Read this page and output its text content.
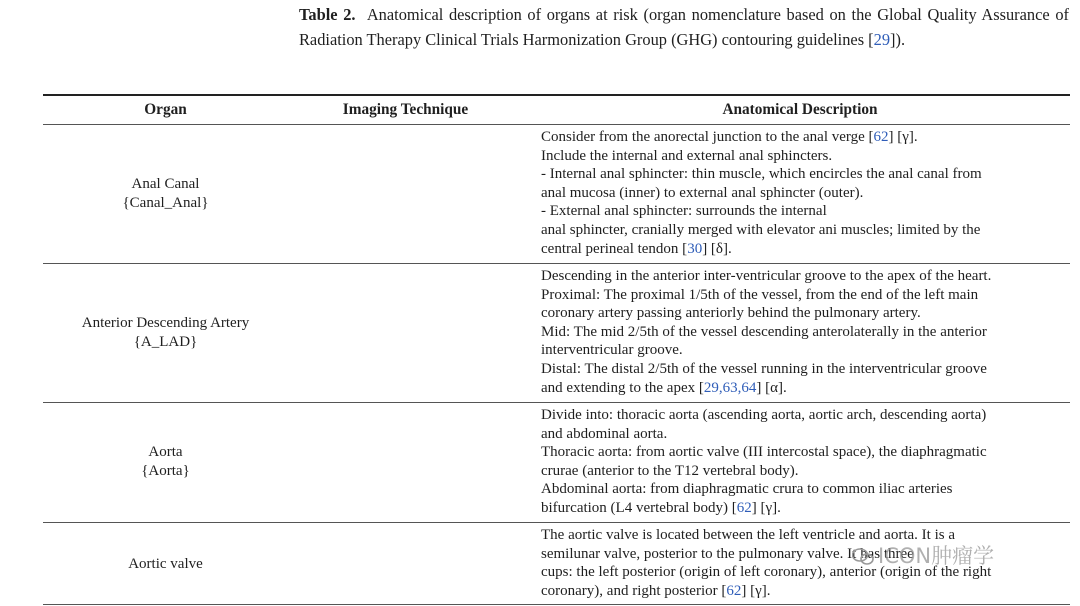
Table 2. Anatomical description of organs at risk (organ nomenclature based on the Global Quality Assurance of Radiation Therapy Clinical Trials Harmonization Group (GHG) contouring guidelines [29]).
Organ	Imaging Technique	Anatomical Description
Anal Canal
{Canal_Anal}
Anterior Descending Artery
{A_LAD}
Aorta
{Aorta}
Aortic valve
Consider from the anorectal junction to the anal verge [62] [γ].
Include the internal and external anal sphincters.
- Internal anal sphincter: thin muscle, which encircles the anal canal from
anal mucosa (inner) to external anal sphincter (outer).
- External anal sphincter: surrounds the internal
anal sphincter, cranially merged with elevator ani muscles; limited by the
central perineal tendon [30] [δ].
Descending in the anterior inter-ventricular groove to the apex of the heart.
Proximal: The proximal 1/5th of the vessel, from the end of the left main
coronary artery passing anteriorly behind the pulmonary artery.
Mid: The mid 2/5th of the vessel descending anterolaterally in the anterior
interventricular groove.
Distal: The distal 2/5th of the vessel running in the interventricular groove
and extending to the apex [29,63,64] [α].
Divide into: thoracic aorta (ascending aorta, aortic arch, descending aorta)
and abdominal aorta.
Thoracic aorta: from aortic valve (III intercostal space), the diaphragmatic
crurae (anterior to the T12 vertebral body).
Abdominal aorta: from diaphragmatic crura to common iliac arteries
bifurcation (L4 vertebral body) [62] [γ].
The aortic valve is located between the left ventricle and aorta. It is a
semilunar valve, posterior to the pulmonary valve. It has three
cups: the left posterior (origin of left coronary), anterior (origin of the right
coronary), and right posterior [62] [γ].
ICON肿瘤学
